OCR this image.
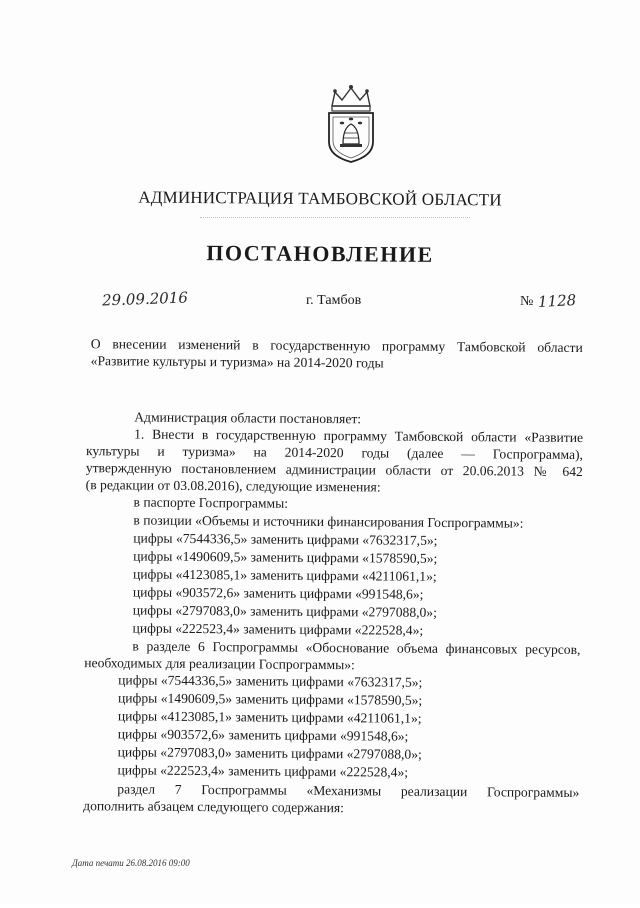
АДМИНИСТРАЦИЯ ТАМБОВСКОЙ ОБЛАСТИ
ПОСТАНОВЛЕНИЕ
29.09.2016	г. Тамбов	№ 1128
О внесении изменений в государственную программу Тамбовской области
«Развитие культуры и туризма» на 2014-2020 годы
Администрация области постановляет:
1. Внести в государственную программу Тамбовской области «Развитие
культуры и туризма» на 2014-2020 годы (далее — Госпрограмма),
утвержденную постановлением администрации области от 20.06.2013 № 642
(в редакции от 03.08.2016), следующие изменения:
в паспорте Госпрограммы:
в позиции «Объемы и источники финансирования Госпрограммы»:
цифры «7544336,5» заменить цифрами «7632317,5»;
цифры «1490609,5» заменить цифрами «1578590,5»;
цифры «4123085,1» заменить цифрами «4211061,1»;
цифры «903572,6» заменить цифрами «991548,6»;
цифры «2797083,0» заменить цифрами «2797088,0»;
цифры «222523,4» заменить цифрами «222528,4»;
в разделе 6 Госпрограммы «Обоснование объема финансовых ресурсов,
необходимых для реализации Госпрограммы»:
цифры «7544336,5» заменить цифрами «7632317,5»;
цифры «1490609,5» заменить цифрами «1578590,5»;
цифры «4123085,1» заменить цифрами «4211061,1»;
цифры «903572,6» заменить цифрами «991548,6»;
цифры «2797083,0» заменить цифрами «2797088,0»;
цифры «222523,4» заменить цифрами «222528,4»;
раздел 7 Госпрограммы «Механизмы реализации Госпрограммы»
дополнить абзацем следующего содержания:
Дата печати 26.08.2016 09:00
